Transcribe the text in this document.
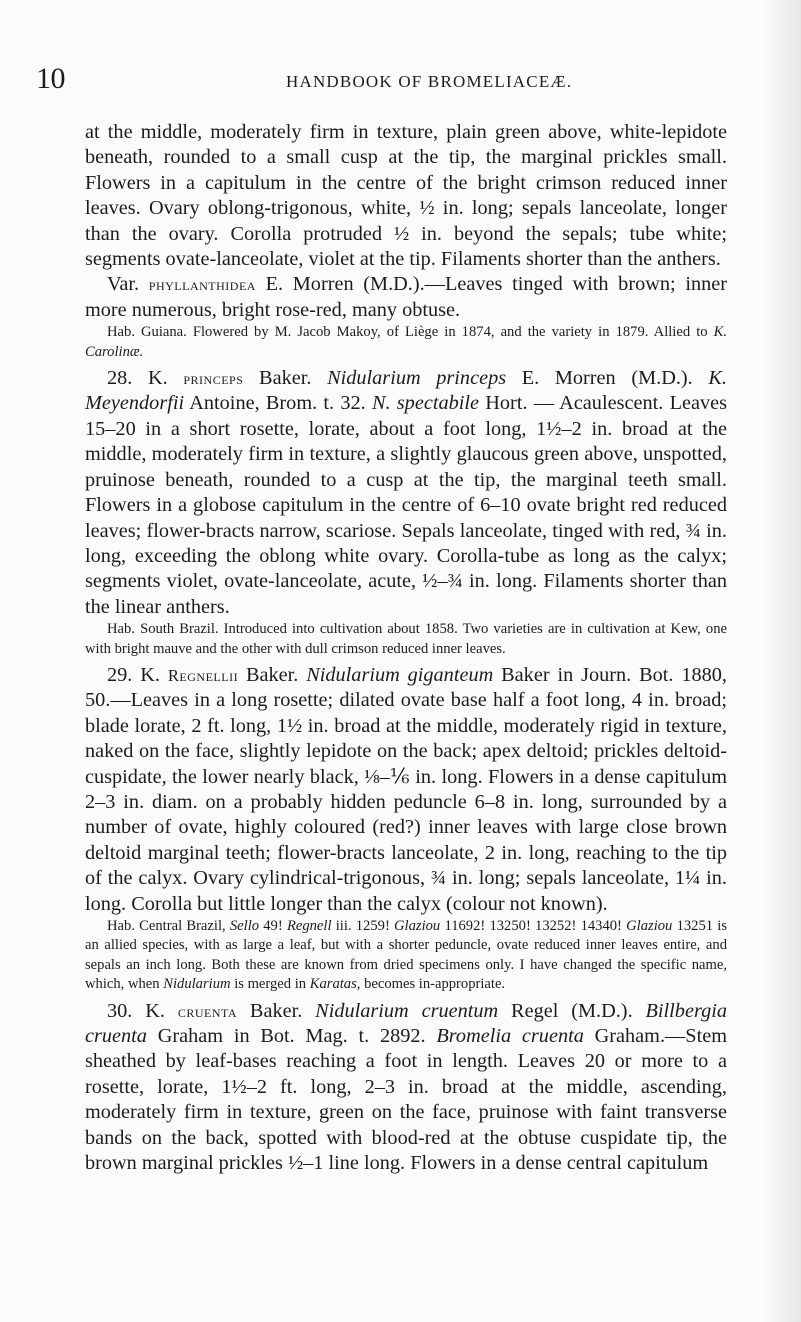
10	HANDBOOK OF BROMELIACEÆ.

at the middle, moderately firm in texture, plain green above, white-lepidote beneath, rounded to a small cusp at the tip, the marginal prickles small. Flowers in a capitulum in the centre of the bright crimson reduced inner leaves. Ovary oblong-trigonous, white, ½ in. long; sepals lanceolate, longer than the ovary. Corolla protruded ½ in. beyond the sepals; tube white; segments ovate-lanceolate, violet at the tip. Filaments shorter than the anthers.

Var. phyllanthidea E. Morren (M.D.).—Leaves tinged with brown; inner more numerous, bright rose-red, many obtuse.

Hab. Guiana. Flowered by M. Jacob Makoy, of Liège in 1874, and the variety in 1879. Allied to K. Carolinæ.

28. K. princeps Baker. Nidularium princeps E. Morren (M.D.). K. Meyendorfii Antoine, Brom. t. 32. N. spectabile Hort. — Acaulescent. Leaves 15–20 in a short rosette, lorate, about a foot long, 1½–2 in. broad at the middle, moderately firm in texture, a slightly glaucous green above, unspotted, pruinose beneath, rounded to a cusp at the tip, the marginal teeth small. Flowers in a globose capitulum in the centre of 6–10 ovate bright red reduced leaves; flower-bracts narrow, scariose. Sepals lanceolate, tinged with red, ¾ in. long, exceeding the oblong white ovary. Corolla-tube as long as the calyx; segments violet, ovate-lanceolate, acute, ½–¾ in. long. Filaments shorter than the linear anthers.

Hab. South Brazil. Introduced into cultivation about 1858. Two varieties are in cultivation at Kew, one with bright mauve and the other with dull crimson reduced inner leaves.

29. K. Regnellii Baker. Nidularium giganteum Baker in Journ. Bot. 1880, 50.—Leaves in a long rosette; dilated ovate base half a foot long, 4 in. broad; blade lorate, 2 ft. long, 1½ in. broad at the middle, moderately rigid in texture, naked on the face, slightly lepidote on the back; apex deltoid; prickles deltoid-cuspidate, the lower nearly black, ⅛–⅙ in. long. Flowers in a dense capitulum 2–3 in. diam. on a probably hidden peduncle 6–8 in. long, surrounded by a number of ovate, highly coloured (red?) inner leaves with large close brown deltoid marginal teeth; flower-bracts lanceolate, 2 in. long, reaching to the tip of the calyx. Ovary cylindrical-trigonous, ¾ in. long; sepals lanceolate, 1¼ in. long. Corolla but little longer than the calyx (colour not known).

Hab. Central Brazil, Sello 49! Regnell iii. 1259! Glaziou 11692! 13250! 13252! 14340! Glaziou 13251 is an allied species, with as large a leaf, but with a shorter peduncle, ovate reduced inner leaves entire, and sepals an inch long. Both these are known from dried specimens only. I have changed the specific name, which, when Nidularium is merged in Karatas, becomes in-appropriate.

30. K. cruenta Baker. Nidularium cruentum Regel (M.D.). Billbergia cruenta Graham in Bot. Mag. t. 2892. Bromelia cruenta Graham.—Stem sheathed by leaf-bases reaching a foot in length. Leaves 20 or more to a rosette, lorate, 1½–2 ft. long, 2–3 in. broad at the middle, ascending, moderately firm in texture, green on the face, pruinose with faint transverse bands on the back, spotted with blood-red at the obtuse cuspidate tip, the brown marginal prickles ½–1 line long. Flowers in a dense central capitulum
